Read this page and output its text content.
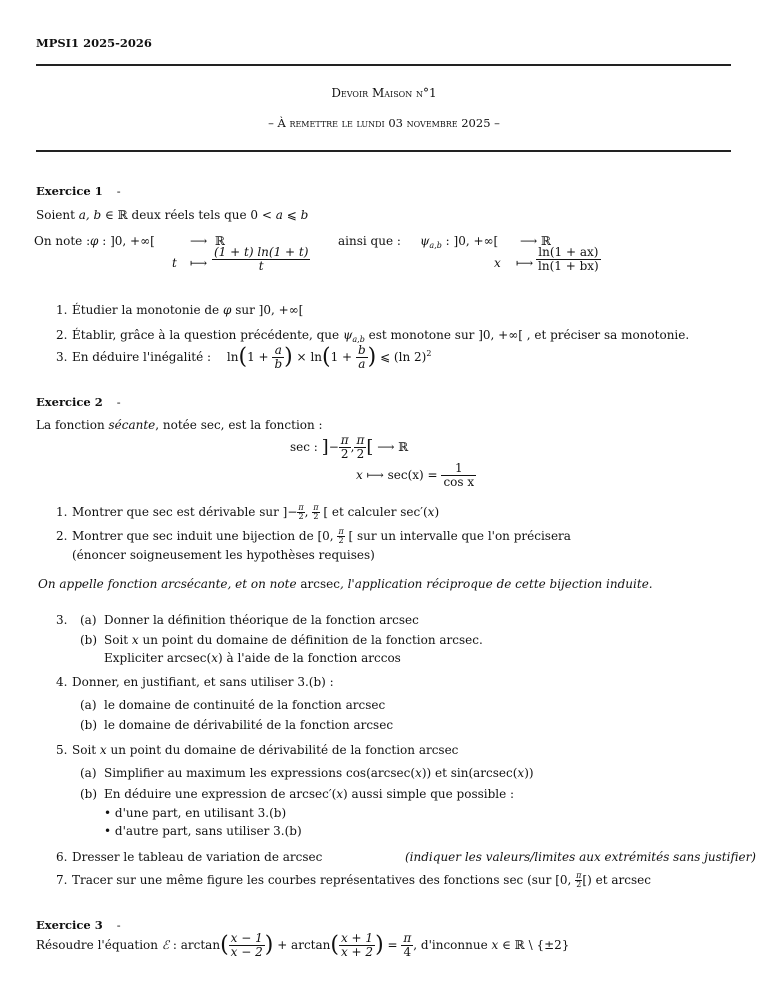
MPSI1 2025-2026
Devoir Maison n°1
– À remettre le lundi 03 novembre 2025 –
Exercice 1 -
Soient a, b ∈ ℝ deux réels tels que 0 < a ⩽ b
On note : φ : ]0, +∞[	⟶ ℝ
t ⟼ $\frac{(1 + t) \ln(1 + t)}{t}$
ainsi que : $\psi_{a,b}$ : ]0, +∞[ ⟶ ℝ
x ⟼ $\frac{\ln(1 + ax)}{\ln(1 + bx)}$
1. Étudier la monotonie de φ sur ]0, +∞[
2. Établir, grâce à la question précédente, que $\psi_{a,b}$ est monotone sur ]0, +∞[ , et préciser sa monotonie.
3. En déduire l'inégalité : $\ln(1 + \frac{a}{b}$ ) × $\ln(1 + \frac{b}{a}$ ) ⩽ (ln 2)$^2$
Exercice 2 -
La fonction sécante, notée sec, est la fonction :
sec : ]− $\frac{\pi}{2}$ , $\frac{\pi}{2}$ [ ⟶ ℝ
x ⟼ $\sec(x) = \frac{1}{\text{cos x}}$
1. Montrer que sec est dérivable sur ]− $\frac{\pi}{2}$ , $\frac{\pi}{2}$ [ et calculer sec′(x)
2. Montrer que sec induit une bijection de [0, $\frac{\pi}{2}$ [ sur un intervalle que l'on précisera
(énoncer soigneusement les hypothèses requises)
On appelle fonction arcsécante, et on note arcsec, l'application réciproque de cette bijection induite.
3. (a) Donner la définition théorique de la fonction arcsec
(b) Soit x un point du domaine de définition de la fonction arcsec.
Expliciter arcsec(x) à l'aide de la fonction arccos
4. Donner, en justifiant, et sans utiliser 3.(b) :
(a) le domaine de continuité de la fonction arcsec
(b) le domaine de dérivabilité de la fonction arcsec
5. Soit x un point du domaine de dérivabilité de la fonction arcsec
(a) Simplifier au maximum les expressions cos(arcsec(x)) et sin(arcsec(x))
(b) En déduire une expression de arcsec′(x) aussi simple que possible :
• d'une part, en utilisant 3.(b)
• d'autre part, sans utiliser 3.(b)
6. Dresser le tableau de variation de arcsec	(indiquer les valeurs/limites aux extrémités sans justifier)
7. Tracer sur une même figure les courbes représentatives des fonctions sec (sur [0, $\frac{\pi}{2}$ [) et arcsec
Exercice 3 -
Résoudre l'équation ℰ : $\arctan( \frac{x - 1}{x - 2}$ ) + $\arctan( \frac{x + 1}{x + 2}$ ) = $\frac{\pi}{4}$ , d'inconnue x ∈ ℝ \ {±2}
